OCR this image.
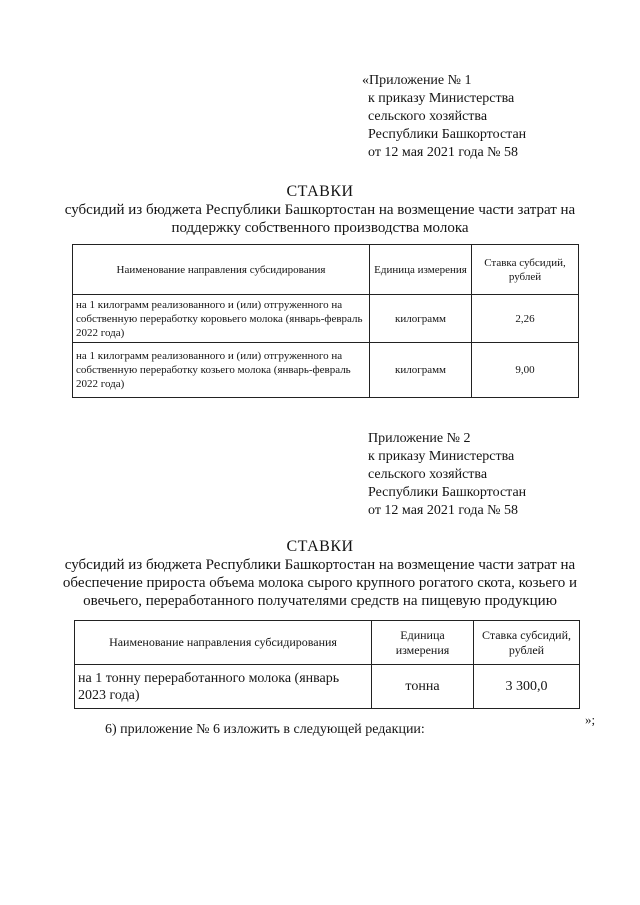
«Приложение № 1
к приказу Министерства
сельского хозяйства
Республики Башкортостан
от 12 мая 2021 года № 58
СТАВКИ
субсидий из бюджета Республики Башкортостан на возмещение части затрат на
поддержку собственного производства молока
Наименование направления субсидирования	Единица измерения	Ставка субсидий, рублей
на 1 килограмм реализованного и (или) отгруженного на собственную переработку коровьего молока (январь-февраль 2022 года)	килограмм	2,26
на 1 килограмм реализованного и (или) отгруженного на собственную переработку козьего молока (январь-февраль 2022 года)	килограмм	9,00
Приложение № 2
к приказу Министерства
сельского хозяйства
Республики Башкортостан
от 12 мая 2021 года № 58
СТАВКИ
субсидий из бюджета Республики Башкортостан на возмещение части затрат на
обеспечение прироста объема молока сырого крупного рогатого скота, козьего и
овечьего, переработанного получателями средств на пищевую продукцию
Наименование направления субсидирования	Единица измерения	Ставка субсидий, рублей
на 1 тонну переработанного молока (январь 2023 года)	тонна	3 300,0
»;
6) приложение № 6 изложить в следующей редакции:
